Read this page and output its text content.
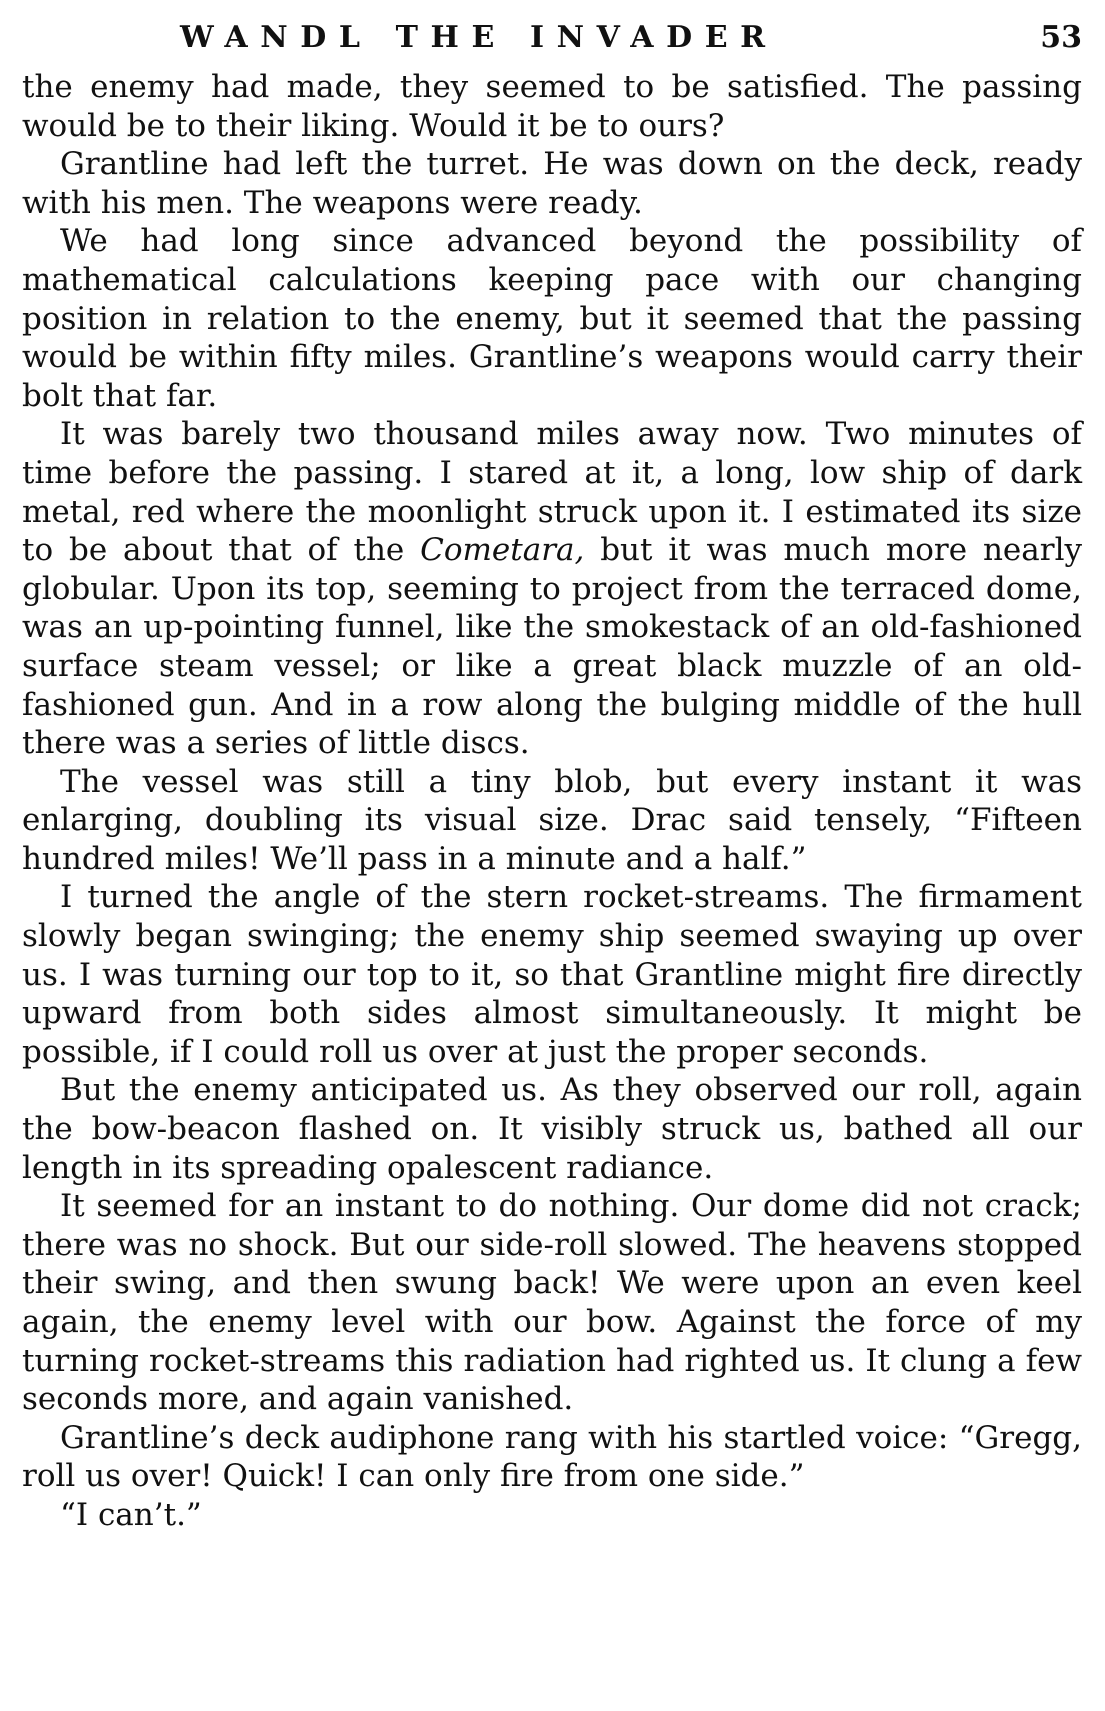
WANDL THE INVADER	53

the enemy had made, they seemed to be satisfied. The passing would be to their liking. Would it be to ours?

Grantline had left the turret. He was down on the deck, ready with his men. The weapons were ready.

We had long since advanced beyond the possibility of mathematical calculations keeping pace with our changing position in relation to the enemy, but it seemed that the passing would be within fifty miles. Grantline’s weapons would carry their bolt that far.

It was barely two thousand miles away now. Two minutes of time before the passing. I stared at it, a long, low ship of dark metal, red where the moonlight struck upon it. I estimated its size to be about that of the Cometara, but it was much more nearly globular. Upon its top, seeming to project from the terraced dome, was an up-pointing funnel, like the smokestack of an old-fashioned surface steam vessel; or like a great black muzzle of an old-fashioned gun. And in a row along the bulging middle of the hull there was a series of little discs.

The vessel was still a tiny blob, but every instant it was enlarging, doubling its visual size. Drac said tensely, “Fifteen hundred miles! We’ll pass in a minute and a half.”

I turned the angle of the stern rocket-streams. The firmament slowly began swinging; the enemy ship seemed swaying up over us. I was turning our top to it, so that Grantline might fire directly upward from both sides almost simultaneously. It might be possible, if I could roll us over at just the proper seconds.

But the enemy anticipated us. As they observed our roll, again the bow-beacon flashed on. It visibly struck us, bathed all our length in its spreading opalescent radiance.

It seemed for an instant to do nothing. Our dome did not crack; there was no shock. But our side-roll slowed. The heavens stopped their swing, and then swung back! We were upon an even keel again, the enemy level with our bow. Against the force of my turning rocket-streams this radiation had righted us. It clung a few seconds more, and again vanished.

Grantline’s deck audiphone rang with his startled voice: “Gregg, roll us over! Quick! I can only fire from one side.”

“I can’t.”
